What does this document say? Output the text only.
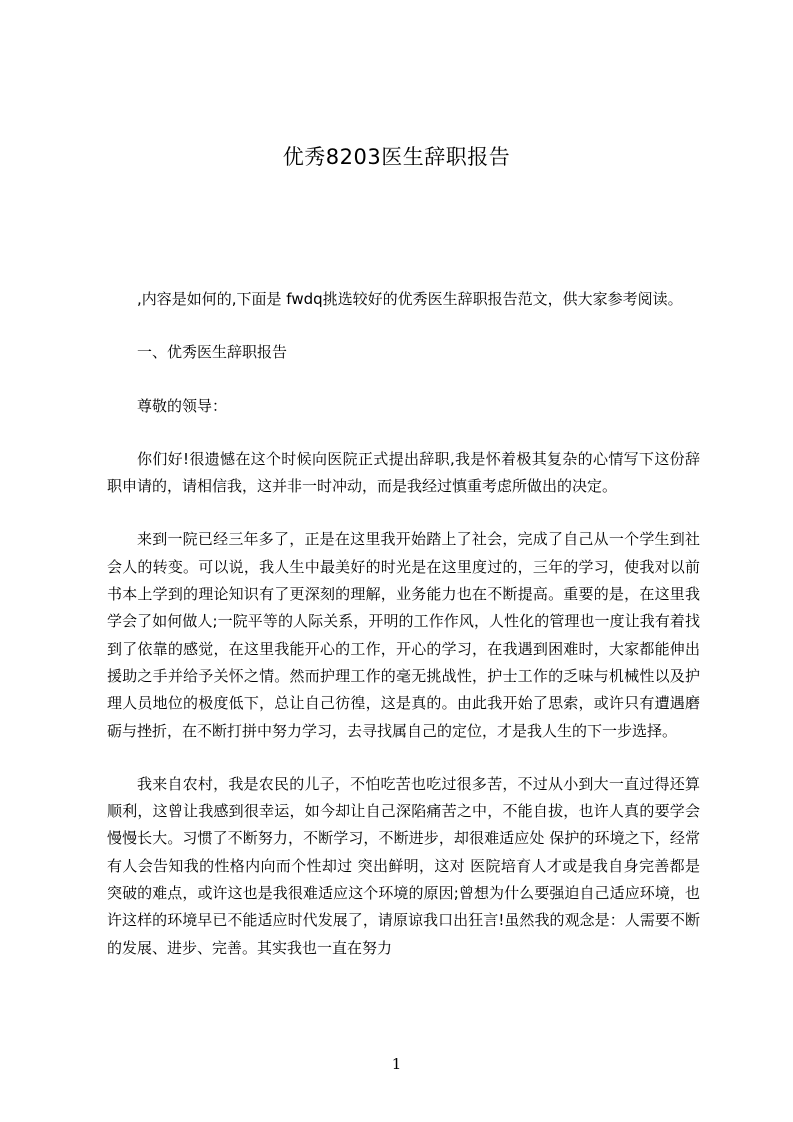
优秀8203医生辞职报告

,内容是如何的,下面是 fwdq挑选较好的优秀医生辞职报告范文，供大家参考阅读。

一、优秀医生辞职报告

尊敬的领导：

你们好!很遗憾在这个时候向医院正式提出辞职,我是怀着极其复杂的心情写下这份辞职申请的，请相信我，这并非一时冲动，而是我经过慎重考虑所做出的决定。

来到一院已经三年多了，正是在这里我开始踏上了社会，完成了自己从一个学生到社会人的转变。可以说，我人生中最美好的时光是在这里度过的，三年的学习，使我对以前书本上学到的理论知识有了更深刻的理解，业务能力也在不断提高。重要的是，在这里我学会了如何做人;一院平等的人际关系，开明的工作作风，人性化的管理也一度让我有着找到了依靠的感觉，在这里我能开心的工作，开心的学习，在我遇到困难时，大家都能伸出援助之手并给予关怀之情。然而护理工作的毫无挑战性，护士工作的乏味与机械性以及护理人员地位的极度低下，总让自己彷徨，这是真的。由此我开始了思索，或许只有遭遇磨砺与挫折，在不断打拼中努力学习，去寻找属自己的定位，才是我人生的下一步选择。

我来自农村，我是农民的儿子，不怕吃苦也吃过很多苦，不过从小到大一直过得还算顺利，这曾让我感到很幸运，如今却让自己深陷痛苦之中，不能自拔，也许人真的要学会慢慢长大。习惯了不断努力，不断学习，不断进步，却很难适应处 保护的环境之下，经常有人会告知我的性格内向而个性却过 突出鲜明，这对 医院培育人才或是我自身完善都是突破的难点，或许这也是我很难适应这个环境的原因;曾想为什么要强迫自己适应环境，也许这样的环境早已不能适应时代发展了，请原谅我口出狂言!虽然我的观念是：人需要不断的发展、进步、完善。其实我也一直在努力

1
